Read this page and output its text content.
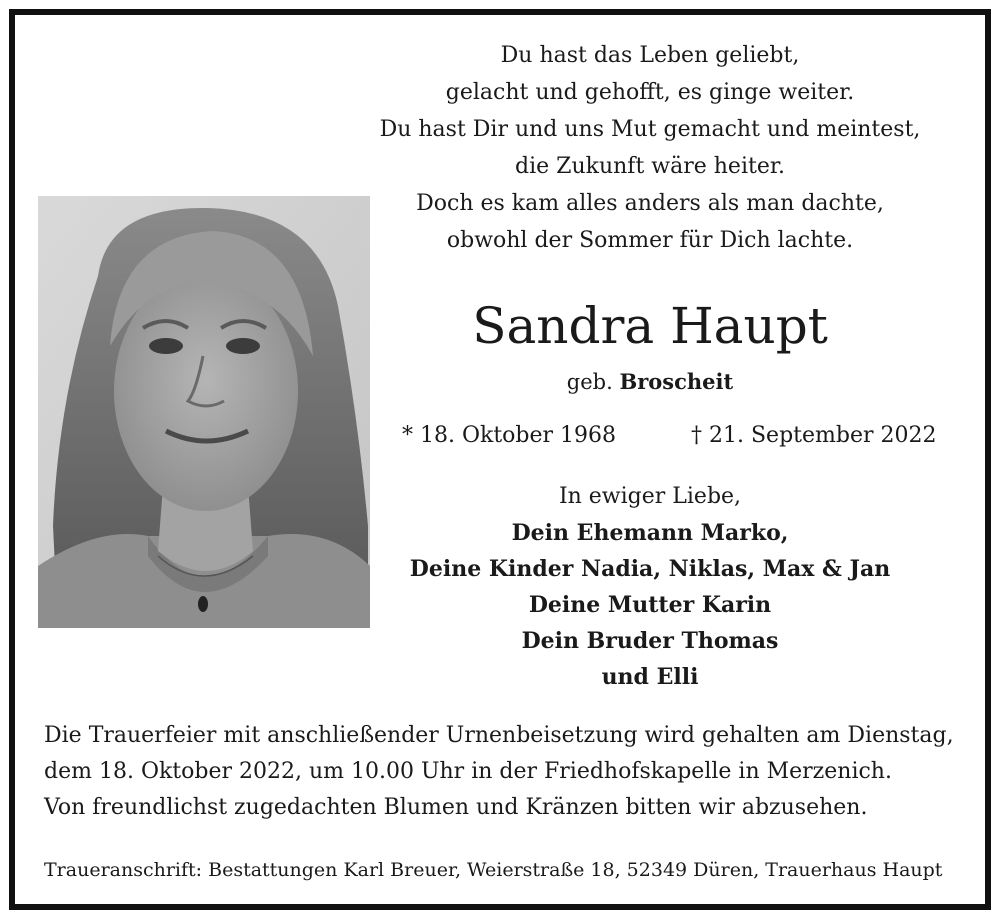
Du hast das Leben geliebt,
gelacht und gehofft, es ginge weiter.
Du hast Dir und uns Mut gemacht und meintest,
die Zukunft wäre heiter.
Doch es kam alles anders als man dachte,
obwohl der Sommer für Dich lachte.
Sandra Haupt
geb. Broscheit
* 18. Oktober 1968	† 21. September 2022
In ewiger Liebe,
Dein Ehemann Marko,
Deine Kinder Nadia, Niklas, Max & Jan
Deine Mutter Karin
Dein Bruder Thomas
und Elli
Die Trauerfeier mit anschließender Urnenbeisetzung wird gehalten am Dienstag,
dem 18. Oktober 2022, um 10.00 Uhr in der Friedhofskapelle in Merzenich.
Von freundlichst zugedachten Blumen und Kränzen bitten wir abzusehen.
Traueranschrift: Bestattungen Karl Breuer, Weierstraße 18, 52349 Düren, Trauerhaus Haupt
